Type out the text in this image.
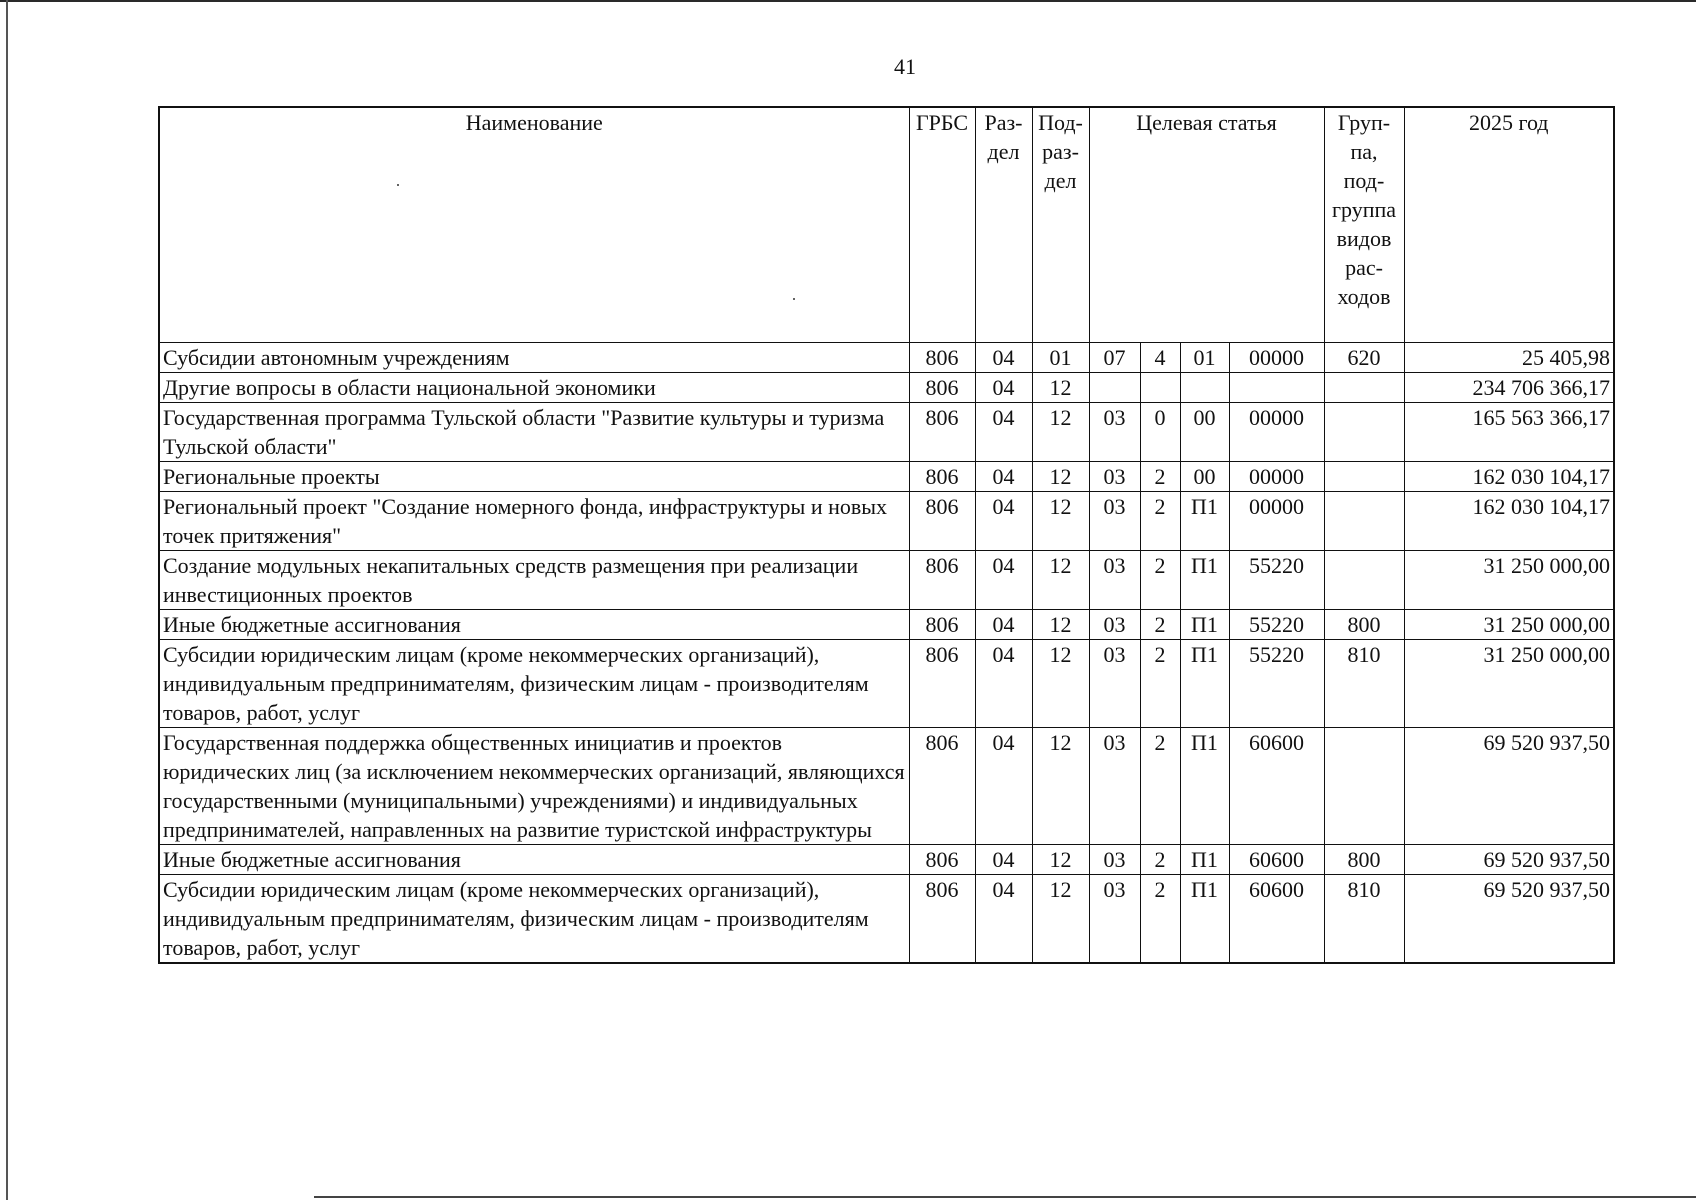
41
Наименование	ГРБС	Раз- дел	Под- раз- дел	Целевая статья				Груп- па, под- группа видов рас- ходов	2025 год
Субсидии автономным учреждениям	806	04	01	07	4	01	00000	620	25 405,98
Другие вопросы в области национальной экономики	806	04	12						234 706 366,17
Государственная программа Тульской области "Развитие культуры и туризма Тульской области"	806	04	12	03	0	00	00000		165 563 366,17
Региональные проекты	806	04	12	03	2	00	00000		162 030 104,17
Региональный проект "Создание номерного фонда, инфраструктуры и новых точек притяжения"	806	04	12	03	2	П1	00000		162 030 104,17
Создание модульных некапитальных средств размещения при реализации инвестиционных проектов	806	04	12	03	2	П1	55220		31 250 000,00
Иные бюджетные ассигнования	806	04	12	03	2	П1	55220	800	31 250 000,00
Субсидии юридическим лицам (кроме некоммерческих организаций), индивидуальным предпринимателям, физическим лицам - производителям товаров, работ, услуг	806	04	12	03	2	П1	55220	810	31 250 000,00
Государственная поддержка общественных инициатив и проектов юридических лиц (за исключением некоммерческих организаций, являющихся государственными (муниципальными) учреждениями) и индивидуальных предпринимателей, направленных на развитие туристской инфраструктуры	806	04	12	03	2	П1	60600		69 520 937,50
Иные бюджетные ассигнования	806	04	12	03	2	П1	60600	800	69 520 937,50
Субсидии юридическим лицам (кроме некоммерческих организаций), индивидуальным предпринимателям, физическим лицам - производителям товаров, работ, услуг	806	04	12	03	2	П1	60600	810	69 520 937,50
